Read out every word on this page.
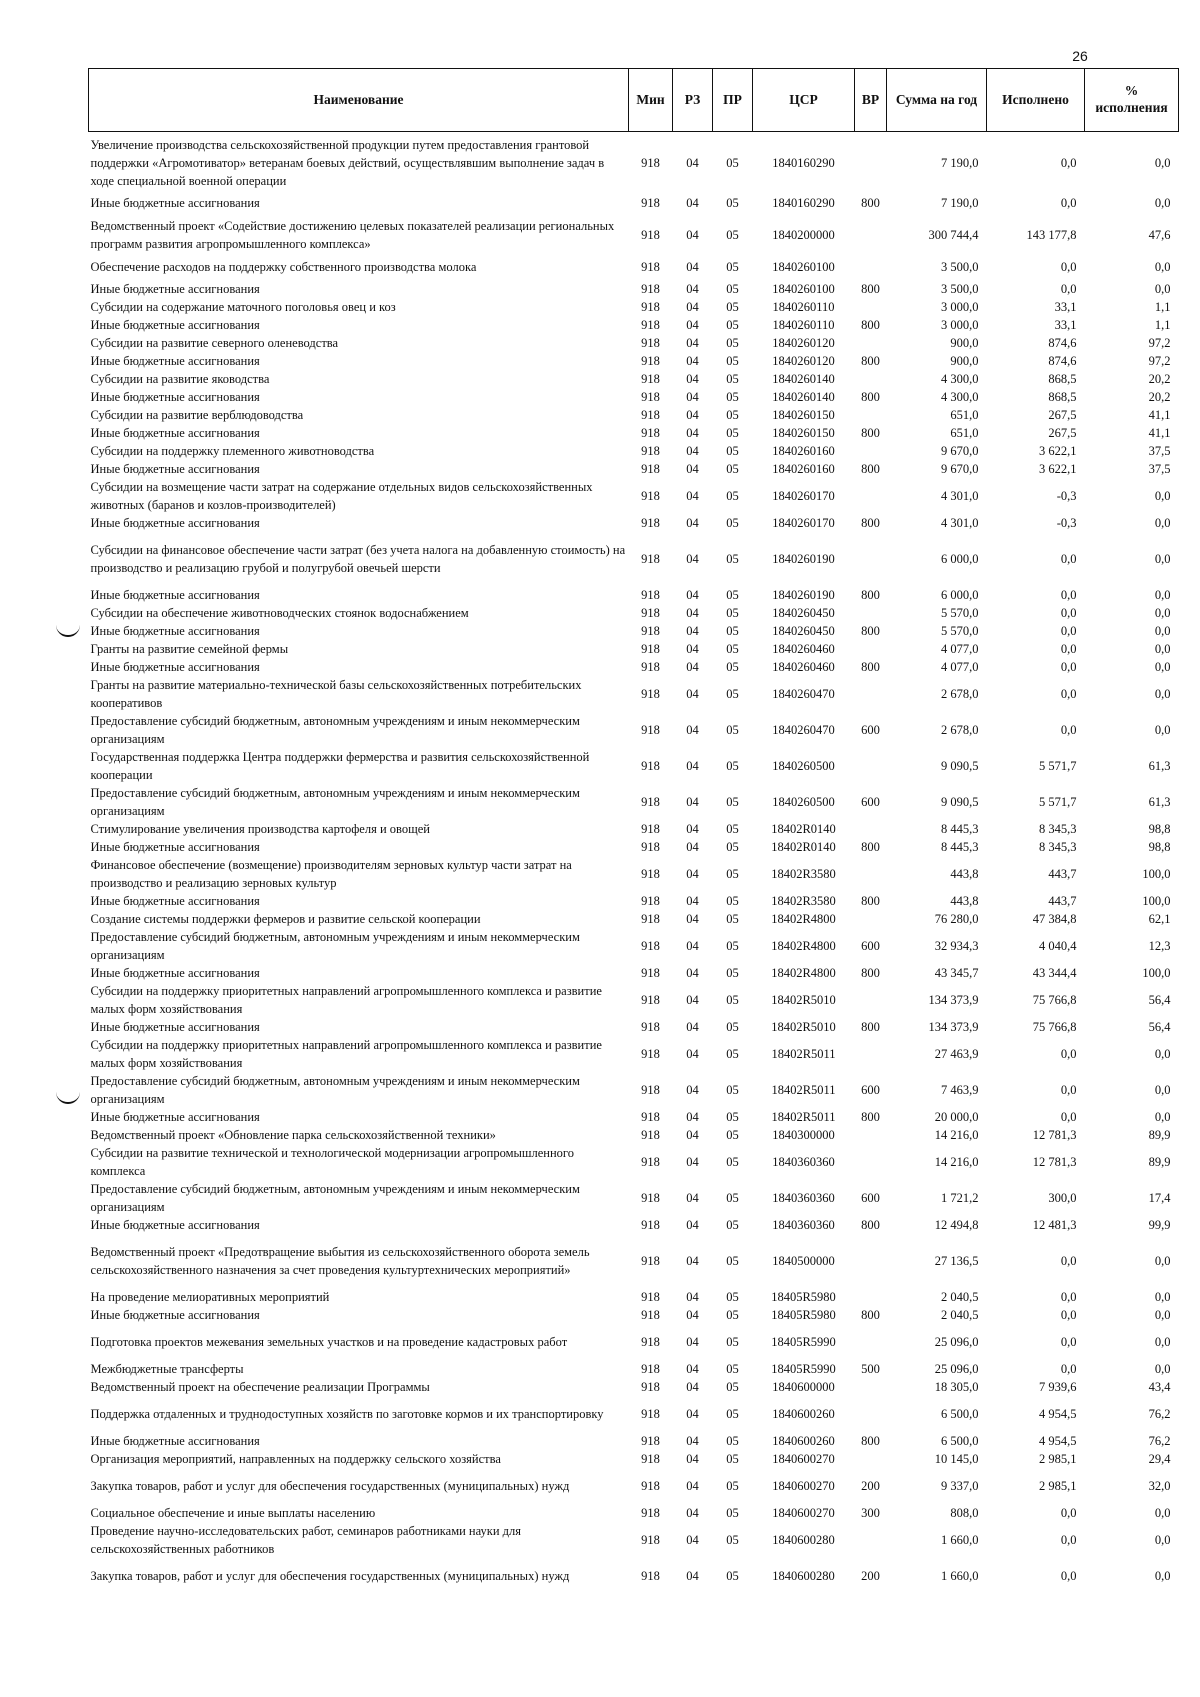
26
Наименование	Мин	РЗ	ПР	ЦСР	ВР	Сумма на год	Исполнено	% исполнения
Увеличение производства сельскохозяйственной продукции путем предоставления грантовой поддержки «Агромотиватор» ветеранам боевых действий, осуществлявшим выполнение задач в ходе специальной военной операции	918	04	05	1840160290		7 190,0	0,0	0,0
Иные бюджетные ассигнования	918	04	05	1840160290	800	7 190,0	0,0	0,0
Ведомственный проект «Содействие достижению целевых показателей реализации региональных программ развития агропромышленного комплекса»	918	04	05	1840200000		300 744,4	143 177,8	47,6
Обеспечение расходов на поддержку собственного производства молока	918	04	05	1840260100		3 500,0	0,0	0,0
Иные бюджетные ассигнования	918	04	05	1840260100	800	3 500,0	0,0	0,0
Субсидии на содержание маточного поголовья овец и коз	918	04	05	1840260110		3 000,0	33,1	1,1
Иные бюджетные ассигнования	918	04	05	1840260110	800	3 000,0	33,1	1,1
Субсидии на развитие северного оленеводства	918	04	05	1840260120		900,0	874,6	97,2
Иные бюджетные ассигнования	918	04	05	1840260120	800	900,0	874,6	97,2
Субсидии на развитие яководства	918	04	05	1840260140		4 300,0	868,5	20,2
Иные бюджетные ассигнования	918	04	05	1840260140	800	4 300,0	868,5	20,2
Субсидии на развитие верблюдоводства	918	04	05	1840260150		651,0	267,5	41,1
Иные бюджетные ассигнования	918	04	05	1840260150	800	651,0	267,5	41,1
Субсидии на поддержку племенного животноводства	918	04	05	1840260160		9 670,0	3 622,1	37,5
Иные бюджетные ассигнования	918	04	05	1840260160	800	9 670,0	3 622,1	37,5
Субсидии на возмещение части затрат на содержание отдельных видов сельскохозяйственных животных (баранов и козлов-производителей)	918	04	05	1840260170		4 301,0	-0,3	0,0
Иные бюджетные ассигнования	918	04	05	1840260170	800	4 301,0	-0,3	0,0
Субсидии на финансовое обеспечение части затрат (без учета налога на добавленную стоимость) на производство и реализацию грубой и полугрубой овечьей шерсти	918	04	05	1840260190		6 000,0	0,0	0,0
Иные бюджетные ассигнования	918	04	05	1840260190	800	6 000,0	0,0	0,0
Субсидии на обеспечение животноводческих стоянок водоснабжением	918	04	05	1840260450		5 570,0	0,0	0,0
Иные бюджетные ассигнования	918	04	05	1840260450	800	5 570,0	0,0	0,0
Гранты на развитие семейной фермы	918	04	05	1840260460		4 077,0	0,0	0,0
Иные бюджетные ассигнования	918	04	05	1840260460	800	4 077,0	0,0	0,0
Гранты на развитие материально-технической базы сельскохозяйственных потребительских кооперативов	918	04	05	1840260470		2 678,0	0,0	0,0
Предоставление субсидий бюджетным, автономным учреждениям и иным некоммерческим организациям	918	04	05	1840260470	600	2 678,0	0,0	0,0
Государственная поддержка Центра поддержки фермерства и развития сельскохозяйственной кооперации	918	04	05	1840260500		9 090,5	5 571,7	61,3
Предоставление субсидий бюджетным, автономным учреждениям и иным некоммерческим организациям	918	04	05	1840260500	600	9 090,5	5 571,7	61,3
Стимулирование увеличения производства картофеля и овощей	918	04	05	18402R0140		8 445,3	8 345,3	98,8
Иные бюджетные ассигнования	918	04	05	18402R0140	800	8 445,3	8 345,3	98,8
Финансовое обеспечение (возмещение) производителям зерновых культур части затрат на производство и реализацию зерновых культур	918	04	05	18402R3580		443,8	443,7	100,0
Иные бюджетные ассигнования	918	04	05	18402R3580	800	443,8	443,7	100,0
Создание системы поддержки фермеров и развитие сельской кооперации	918	04	05	18402R4800		76 280,0	47 384,8	62,1
Предоставление субсидий бюджетным, автономным учреждениям и иным некоммерческим организациям	918	04	05	18402R4800	600	32 934,3	4 040,4	12,3
Иные бюджетные ассигнования	918	04	05	18402R4800	800	43 345,7	43 344,4	100,0
Субсидии на поддержку приоритетных направлений агропромышленного комплекса и развитие малых форм хозяйствования	918	04	05	18402R5010		134 373,9	75 766,8	56,4
Иные бюджетные ассигнования	918	04	05	18402R5010	800	134 373,9	75 766,8	56,4
Субсидии на поддержку приоритетных направлений агропромышленного комплекса и развитие малых форм хозяйствования	918	04	05	18402R5011		27 463,9	0,0	0,0
Предоставление субсидий бюджетным, автономным учреждениям и иным некоммерческим организациям	918	04	05	18402R5011	600	7 463,9	0,0	0,0
Иные бюджетные ассигнования	918	04	05	18402R5011	800	20 000,0	0,0	0,0
Ведомственный проект «Обновление парка сельскохозяйственной техники»	918	04	05	1840300000		14 216,0	12 781,3	89,9
Субсидии на развитие технической и технологической модернизации агропромышленного комплекса	918	04	05	1840360360		14 216,0	12 781,3	89,9
Предоставление субсидий бюджетным, автономным учреждениям и иным некоммерческим организациям	918	04	05	1840360360	600	1 721,2	300,0	17,4
Иные бюджетные ассигнования	918	04	05	1840360360	800	12 494,8	12 481,3	99,9
Ведомственный проект «Предотвращение выбытия из сельскохозяйственного оборота земель сельскохозяйственного назначения за счет проведения культуртехнических мероприятий»	918	04	05	1840500000		27 136,5	0,0	0,0
На проведение мелиоративных мероприятий	918	04	05	18405R5980		2 040,5	0,0	0,0
Иные бюджетные ассигнования	918	04	05	18405R5980	800	2 040,5	0,0	0,0
Подготовка проектов межевания земельных участков и на проведение кадастровых работ	918	04	05	18405R5990		25 096,0	0,0	0,0
Межбюджетные трансферты	918	04	05	18405R5990	500	25 096,0	0,0	0,0
Ведомственный проект на обеспечение реализации Программы	918	04	05	1840600000		18 305,0	7 939,6	43,4
Поддержка отдаленных и труднодоступных хозяйств по заготовке кормов и их транспортировку	918	04	05	1840600260		6 500,0	4 954,5	76,2
Иные бюджетные ассигнования	918	04	05	1840600260	800	6 500,0	4 954,5	76,2
Организация мероприятий, направленных на поддержку сельского хозяйства	918	04	05	1840600270		10 145,0	2 985,1	29,4
Закупка товаров, работ и услуг для обеспечения государственных (муниципальных) нужд	918	04	05	1840600270	200	9 337,0	2 985,1	32,0
Социальное обеспечение и иные выплаты населению	918	04	05	1840600270	300	808,0	0,0	0,0
Проведение научно-исследовательских работ, семинаров работниками науки для сельскохозяйственных работников	918	04	05	1840600280		1 660,0	0,0	0,0
Закупка товаров, работ и услуг для обеспечения государственных (муниципальных) нужд	918	04	05	1840600280	200	1 660,0	0,0	0,0
